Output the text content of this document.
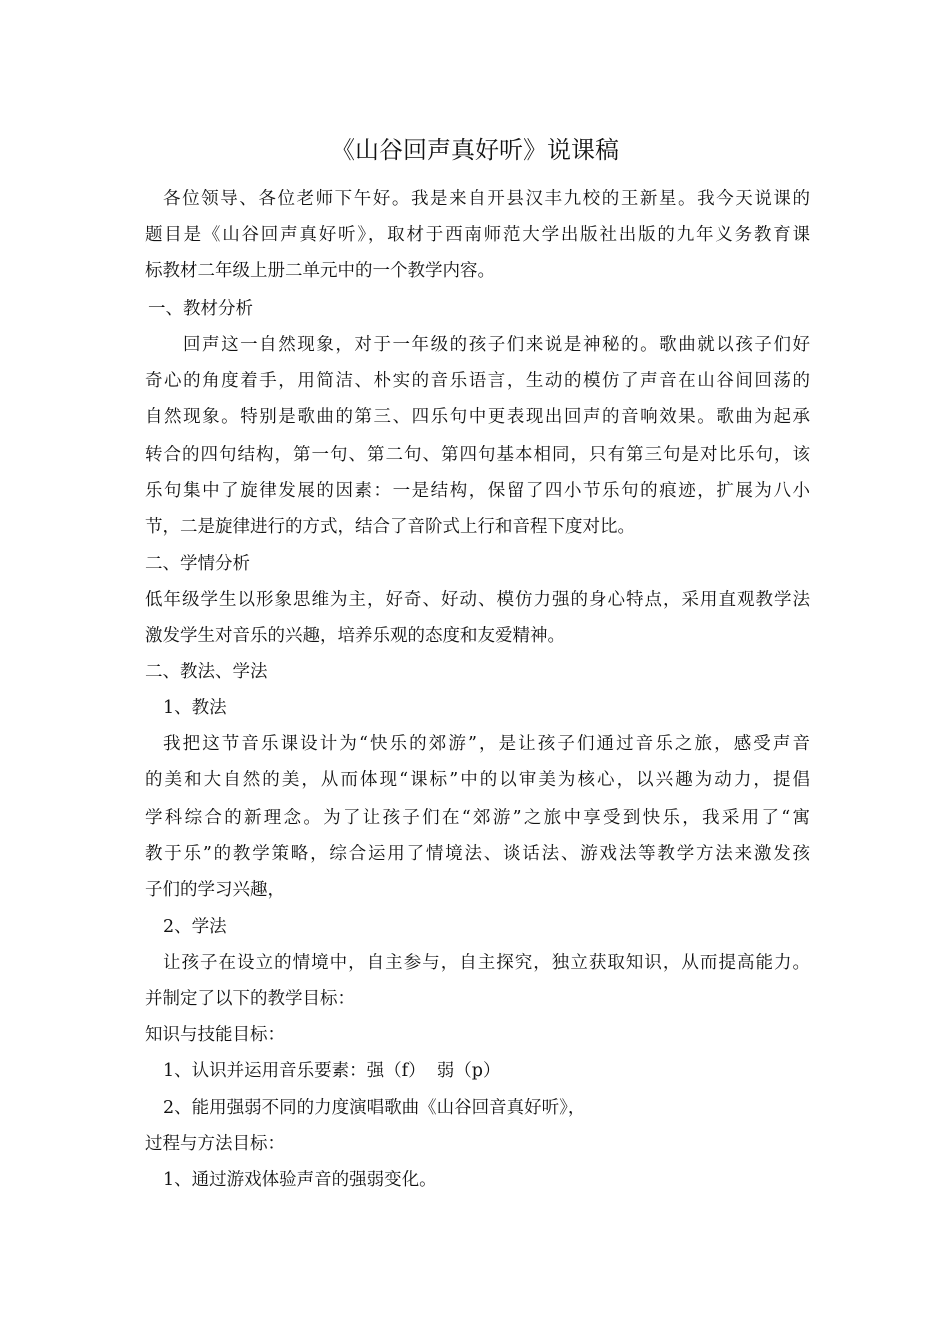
《山谷回声真好听》说课稿
各位领导、各位老师下午好。我是来自开县汉丰九校的王新星。我今天说课的
题目是《山谷回声真好听》，取材于西南师范大学出版社出版的九年义务教育课
标教材二年级上册二单元中的一个教学内容。
一、教材分析
回声这一自然现象，对于一年级的孩子们来说是神秘的。歌曲就以孩子们好
奇心的角度着手，用简洁、朴实的音乐语言，生动的模仿了声音在山谷间回荡的
自然现象。特别是歌曲的第三、四乐句中更表现出回声的音响效果。歌曲为起承
转合的四句结构，第一句、第二句、第四句基本相同，只有第三句是对比乐句，该
乐句集中了旋律发展的因素：一是结构，保留了四小节乐句的痕迹，扩展为八小
节，二是旋律进行的方式，结合了音阶式上行和音程下度对比。
二、学情分析
低年级学生以形象思维为主，好奇、好动、模仿力强的身心特点，采用直观教学法
激发学生对音乐的兴趣，培养乐观的态度和友爱精神。
二、教法、学法
1、教法
我把这节音乐课设计为“快乐的郊游”，是让孩子们通过音乐之旅，感受声音
的美和大自然的美，从而体现“课标”中的以审美为核心，以兴趣为动力，提倡
学科综合的新理念。为了让孩子们在“郊游”之旅中享受到快乐，我采用了“寓
教于乐”的教学策略，综合运用了情境法、谈话法、游戏法等教学方法来激发孩
子们的学习兴趣，
2、学法
让孩子在设立的情境中，自主参与，自主探究，独立获取知识，从而提高能力。
并制定了以下的教学目标：
知识与技能目标：
1、认识并运用音乐要素：强（f）  弱（p）
2、能用强弱不同的力度演唱歌曲《山谷回音真好听》，
过程与方法目标：
1、通过游戏体验声音的强弱变化。
